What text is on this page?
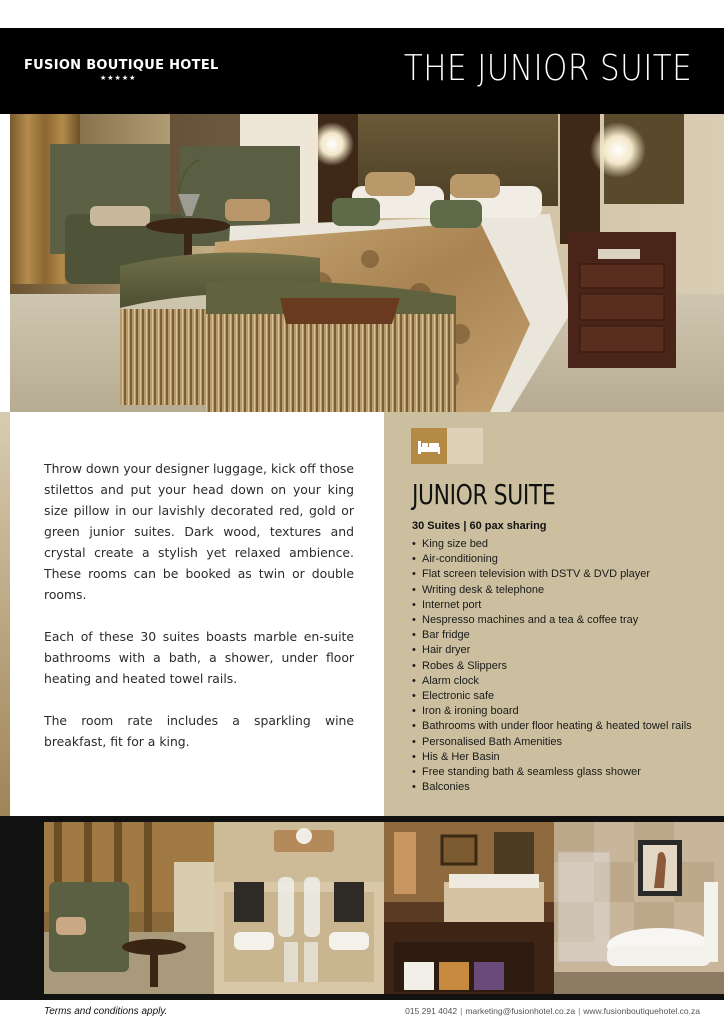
FUSION BOUTIQUE HOTEL
★★★★★	THE JUNIOR SUITE

Throw down your designer luggage, kick off those stilettos and put your head down on your king size pillow in our lavishly decorated red, gold or green junior suites. Dark wood, textures and crystal create a stylish yet relaxed ambience. These rooms can be booked as twin or double rooms.

Each of these 30 suites boasts marble en-suite bathrooms with a bath, a shower, under floor heating and heated towel rails.

The room rate includes a sparkling wine breakfast, fit for a king.

JUNIOR SUITE
30 Suites | 60 pax sharing
• King size bed
• Air-conditioning
• Flat screen television with DSTV & DVD player
• Writing desk & telephone
• Internet port
• Nespresso machines and a tea & coffee tray
• Bar fridge
• Hair dryer
• Robes & Slippers
• Alarm clock
• Electronic safe
• Iron & ironing board
• Bathrooms with under floor heating & heated towel rails
• Personalised Bath Amenities
• His & Her Basin
• Free standing bath & seamless glass shower
• Balconies
Terms and conditions apply.	015 291 4042 | marketing@fusionhotel.co.za | www.fusionboutiquehotel.co.za
